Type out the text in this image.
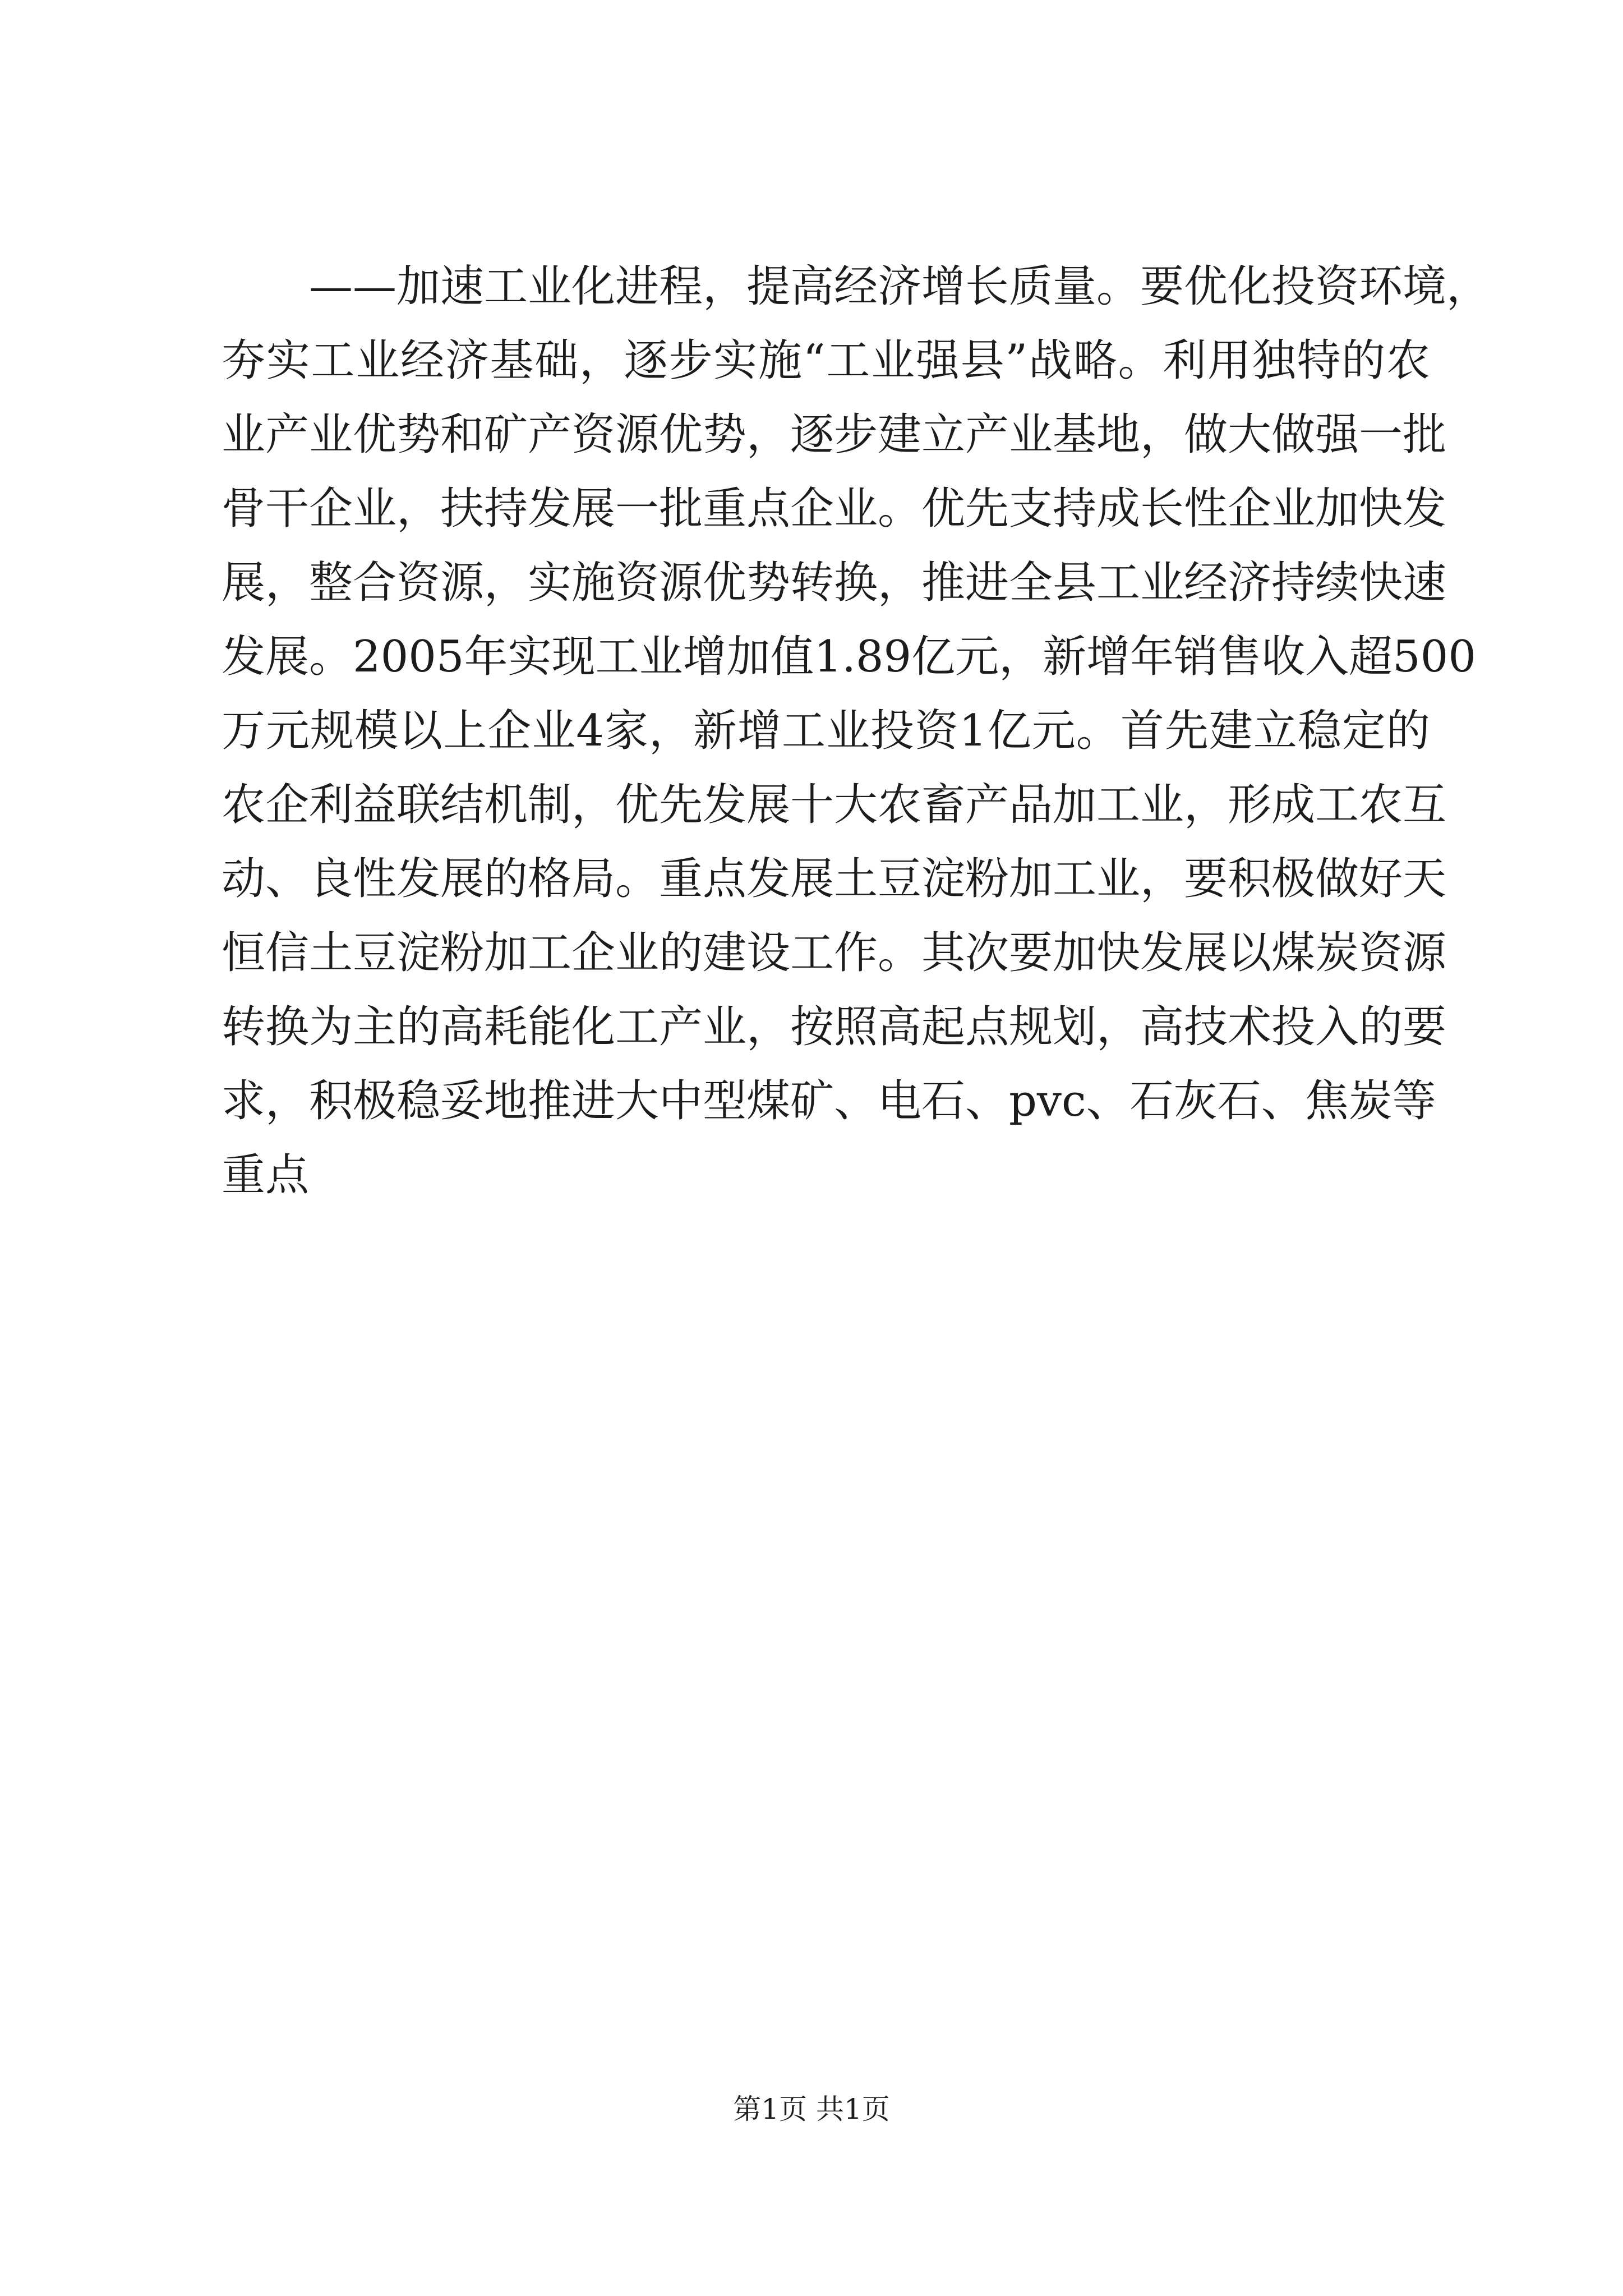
　　——加速工业化进程，提高经济增长质量。要优化投资环境，
夯实工业经济基础，逐步实施“工业强县”战略。利用独特的农
业产业优势和矿产资源优势，逐步建立产业基地，做大做强一批
骨干企业，扶持发展一批重点企业。优先支持成长性企业加快发
展，整合资源，实施资源优势转换，推进全县工业经济持续快速
发展。2005年实现工业增加值1.89亿元，新增年销售收入超500
万元规模以上企业4家，新增工业投资1亿元。首先建立稳定的
农企利益联结机制，优先发展十大农畜产品加工业，形成工农互
动、良性发展的格局。重点发展土豆淀粉加工业，要积极做好天
恒信土豆淀粉加工企业的建设工作。其次要加快发展以煤炭资源
转换为主的高耗能化工产业，按照高起点规划，高技术投入的要
求，积极稳妥地推进大中型煤矿、电石、pvc、石灰石、焦炭等
重点
第1页 共1页
